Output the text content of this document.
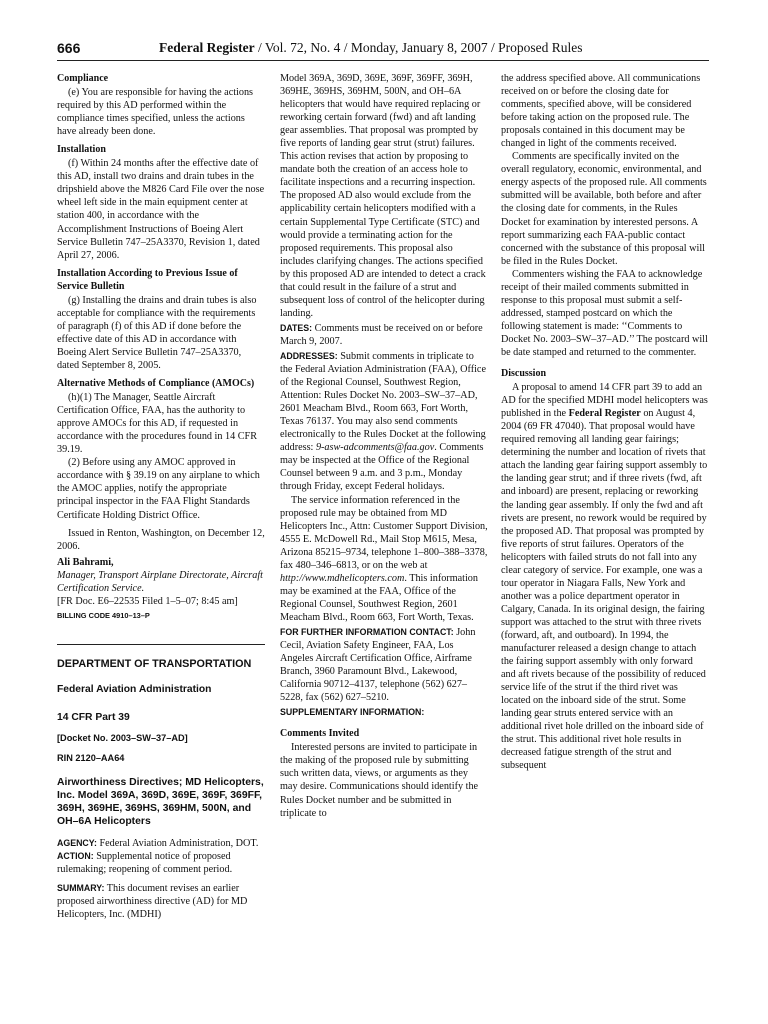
666	Federal Register / Vol. 72, No. 4 / Monday, January 8, 2007 / Proposed Rules

Compliance

(e) You are responsible for having the actions required by this AD performed within the compliance times specified, unless the actions have already been done.

Installation

(f) Within 24 months after the effective date of this AD, install two drains and drain tubes in the dripshield above the M826 Card File over the nose wheel left side in the main equipment center at station 400, in accordance with the Accomplishment Instructions of Boeing Alert Service Bulletin 747–25A3370, Revision 1, dated April 27, 2006.

Installation According to Previous Issue of Service Bulletin

(g) Installing the drains and drain tubes is also acceptable for compliance with the requirements of paragraph (f) of this AD if done before the effective date of this AD in accordance with Boeing Alert Service Bulletin 747–25A3370, dated September 8, 2005.

Alternative Methods of Compliance (AMOCs)

(h)(1) The Manager, Seattle Aircraft Certification Office, FAA, has the authority to approve AMOCs for this AD, if requested in accordance with the procedures found in 14 CFR 39.19.

(2) Before using any AMOC approved in accordance with § 39.19 on any airplane to which the AMOC applies, notify the appropriate principal inspector in the FAA Flight Standards Certificate Holding District Office.

Issued in Renton, Washington, on December 12, 2006.

Ali Bahrami,

Manager, Transport Airplane Directorate, Aircraft Certification Service.

[FR Doc. E6–22535 Filed 1–5–07; 8:45 am]

BILLING CODE 4910–13–P

DEPARTMENT OF TRANSPORTATION

Federal Aviation Administration

14 CFR Part 39

[Docket No. 2003–SW–37–AD]

RIN 2120–AA64

Airworthiness Directives; MD Helicopters, Inc. Model 369A, 369D, 369E, 369F, 369FF, 369H, 369HE, 369HS, 369HM, 500N, and OH–6A Helicopters

AGENCY: Federal Aviation Administration, DOT.

ACTION: Supplemental notice of proposed rulemaking; reopening of comment period.

SUMMARY: This document revises an earlier proposed airworthiness directive (AD) for MD Helicopters, Inc. (MDHI)

Model 369A, 369D, 369E, 369F, 369FF, 369H, 369HE, 369HS, 369HM, 500N, and OH–6A helicopters that would have required replacing or reworking certain forward (fwd) and aft landing gear assemblies. That proposal was prompted by five reports of landing gear strut (strut) failures. This action revises that action by proposing to mandate both the creation of an access hole to facilitate inspections and a recurring inspection. The proposed AD also would exclude from the applicability certain helicopters modified with a certain Supplemental Type Certificate (STC) and would provide a terminating action for the proposed requirements. This proposal also includes clarifying changes. The actions specified by this proposed AD are intended to detect a crack that could result in the failure of a strut and subsequent loss of control of the helicopter during landing.

DATES: Comments must be received on or before March 9, 2007.

ADDRESSES: Submit comments in triplicate to the Federal Aviation Administration (FAA), Office of the Regional Counsel, Southwest Region, Attention: Rules Docket No. 2003–SW–37–AD, 2601 Meacham Blvd., Room 663, Fort Worth, Texas 76137. You may also send comments electronically to the Rules Docket at the following address: 9-asw-adcomments@faa.gov. Comments may be inspected at the Office of the Regional Counsel between 9 a.m. and 3 p.m., Monday through Friday, except Federal holidays.

The service information referenced in the proposed rule may be obtained from MD Helicopters Inc., Attn: Customer Support Division, 4555 E. McDowell Rd., Mail Stop M615, Mesa, Arizona 85215–9734, telephone 1–800–388–3378, fax 480–346–6813, or on the web at http://www.mdhelicopters.com. This information may be examined at the FAA, Office of the Regional Counsel, Southwest Region, 2601 Meacham Blvd., Room 663, Fort Worth, Texas.

FOR FURTHER INFORMATION CONTACT: John Cecil, Aviation Safety Engineer, FAA, Los Angeles Aircraft Certification Office, Airframe Branch, 3960 Paramount Blvd., Lakewood, California 90712–4137, telephone (562) 627–5228, fax (562) 627–5210.

SUPPLEMENTARY INFORMATION:

Comments Invited

Interested persons are invited to participate in the making of the proposed rule by submitting such written data, views, or arguments as they may desire. Communications should identify the Rules Docket number and be submitted in triplicate to

the address specified above. All communications received on or before the closing date for comments, specified above, will be considered before taking action on the proposed rule. The proposals contained in this document may be changed in light of the comments received.

Comments are specifically invited on the overall regulatory, economic, environmental, and energy aspects of the proposed rule. All comments submitted will be available, both before and after the closing date for comments, in the Rules Docket for examination by interested persons. A report summarizing each FAA-public contact concerned with the substance of this proposal will be filed in the Rules Docket.

Commenters wishing the FAA to acknowledge receipt of their mailed comments submitted in response to this proposal must submit a self-addressed, stamped postcard on which the following statement is made: ‘‘Comments to Docket No. 2003–SW–37–AD.’’ The postcard will be date stamped and returned to the commenter.

Discussion

A proposal to amend 14 CFR part 39 to add an AD for the specified MDHI model helicopters was published in the Federal Register on August 4, 2004 (69 FR 47040). That proposal would have required removing all landing gear fairings; determining the number and location of rivets that attach the landing gear fairing support assembly to the landing gear strut; and if three rivets (fwd, aft and inboard) are present, replacing or reworking the landing gear assembly. If only the fwd and aft rivets are present, no rework would be required by the proposed AD. That proposal was prompted by five reports of strut failures. Operators of the helicopters with failed struts do not fall into any clear category of service. For example, one was a tour operator in Niagara Falls, New York and another was a police department operator in Calgary, Canada. In its original design, the fairing support was attached to the strut with three rivets (forward, aft, and outboard). In 1994, the manufacturer released a design change to attach the fairing support assembly with only forward and aft rivets because of the possibility of reduced service life of the strut if the third rivet was located on the inboard side of the strut. Some landing gear struts entered service with an additional rivet hole drilled on the inboard side of the strut. This additional rivet hole results in decreased fatigue strength of the strut and subsequent
